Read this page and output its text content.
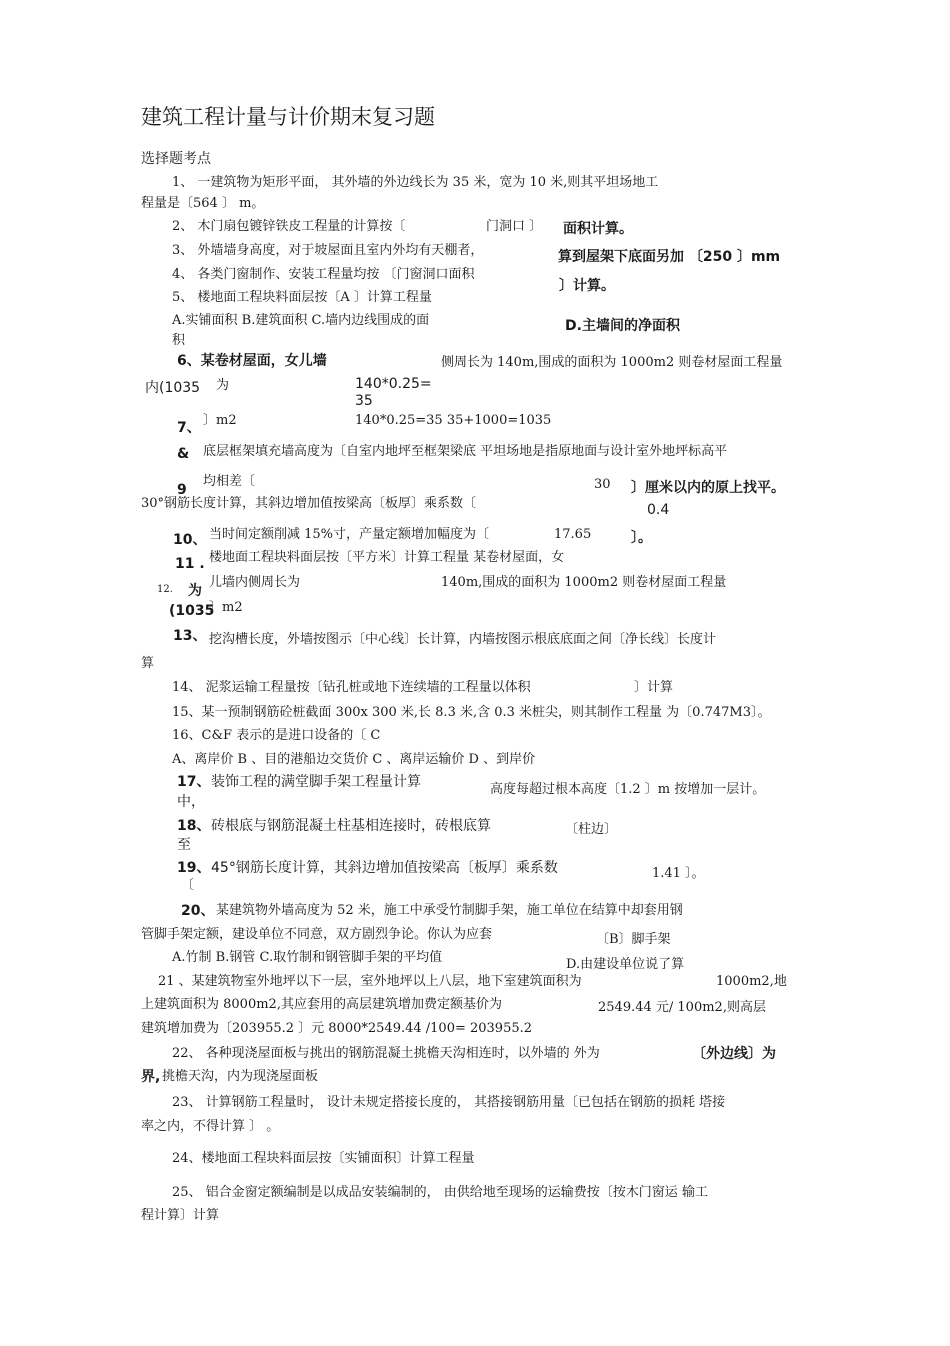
建筑工程计量与计价期末复习题
选择题考点
1、 一建筑物为矩形平面， 其外墙的外边线长为 35 米，宽为 10 米,则其平坦场地工
程量是〔564 〕 m。
2、 木门扇包镀锌铁皮工程量的计算按〔	门洞口 〕 面积计算。
3、 外墙墙身高度，对于坡屋面且室内外均有天棚者，	算到屋架下底面另加 〔250 〕mm
4、 各类门窗制作、安装工程量均按 〔门窗洞口面积
〕计算。
5、 楼地面工程块料面层按〔A 〕计算工程量
A.实铺面积 B.建筑面积 C.墙内边线围成的面
积
D.主墙间的净面积
6、某卷材屋面，女儿墙	侧周长为 140m,围成的面积为 1000m2 则卷材屋面工程量
内(1035 为	140*0.25=
35
7、 〕m2	140*0.25=35 35+1000=1035
& 底层框架填充墙高度为〔自室内地坪至框架梁底 平坦场地是指原地面与设计室外地坪标高平
均相差〔
9
30°钢筋长度计算，其斜边增加值按梁高〔板厚〕乘系数〔
30 〕厘米以内的原上找平。
0.4
10、 当时间定额削减 15%寸，产量定额增加幅度为〔	17.65	〕。
11 . 楼地面工程块料面层按〔平方米〕计算工程量 某卷材屋面，女
12. 为
儿墙内侧周长为	140m,围成的面积为 1000m2 则卷材屋面工程量
(1035
〕m2
13、 挖沟槽长度，外墙按图示〔中心线〕长计算，内墙按图示根底底面之间〔净长线〕长度计
算
14、 泥浆运输工程量按〔钻孔桩或地下连续墙的工程量以体积	〕计算
15、某一预制钢筋砼桩截面 300x 300 米,长 8.3 米,含 0.3 米桩尖，则其制作工程量 为〔0.747M3〕。
16、C&F 表示的是进口设备的〔 C
A、离岸价 B 、目的港船边交货价 C 、离岸运输价 D 、到岸价
17、 装饰工程的满堂脚手架工程量计算
中，
高度每超过根本高度〔1.2 〕m 按增加一层计。
18、 砖根底与钢筋混凝土柱基相连接时，砖根底算
至
〔柱边〕
19、 45°钢筋长度计算，其斜边增加值按梁高〔板厚〕乘系数
〔
1.41 〕。
20、 某建筑物外墙高度为 52 米，施工中承受竹制脚手架，施工单位在结算中却套用钢
管脚手架定额，建设单位不同意，双方剧烈争论。你认为应套	〔B〕脚手架
A.竹制 B.钢管 C.取竹制和钢管脚手架的平均值	D.由建设单位说了算
21 、某建筑物室外地坪以下一层，室外地坪以上八层，地下室建筑面积为	1000m2,地
上建筑面积为 8000m2,其应套用的高层建筑增加费定额基价为	2549.44 元/ 100m2,则高层
建筑增加费为〔203955.2 〕元 8000*2549.44 /100= 203955.2
22、 各种现浇屋面板与挑出的钢筋混凝土挑檐天沟相连时，以外墙的 外为	〔外边线〕为
界, 挑檐天沟，内为现浇屋面板
23、 计算钢筋工程量时， 设计未规定搭接长度的， 其搭接钢筋用量〔已包括在钢筋的损耗 塔接
率之内，不得计算 〕 。
24、楼地面工程块料面层按〔实铺面积〕计算工程量
25、 铝合金窗定额编制是以成品安装编制的， 由供给地至现场的运输费按〔按木门窗运 输工
程计算〕计算
